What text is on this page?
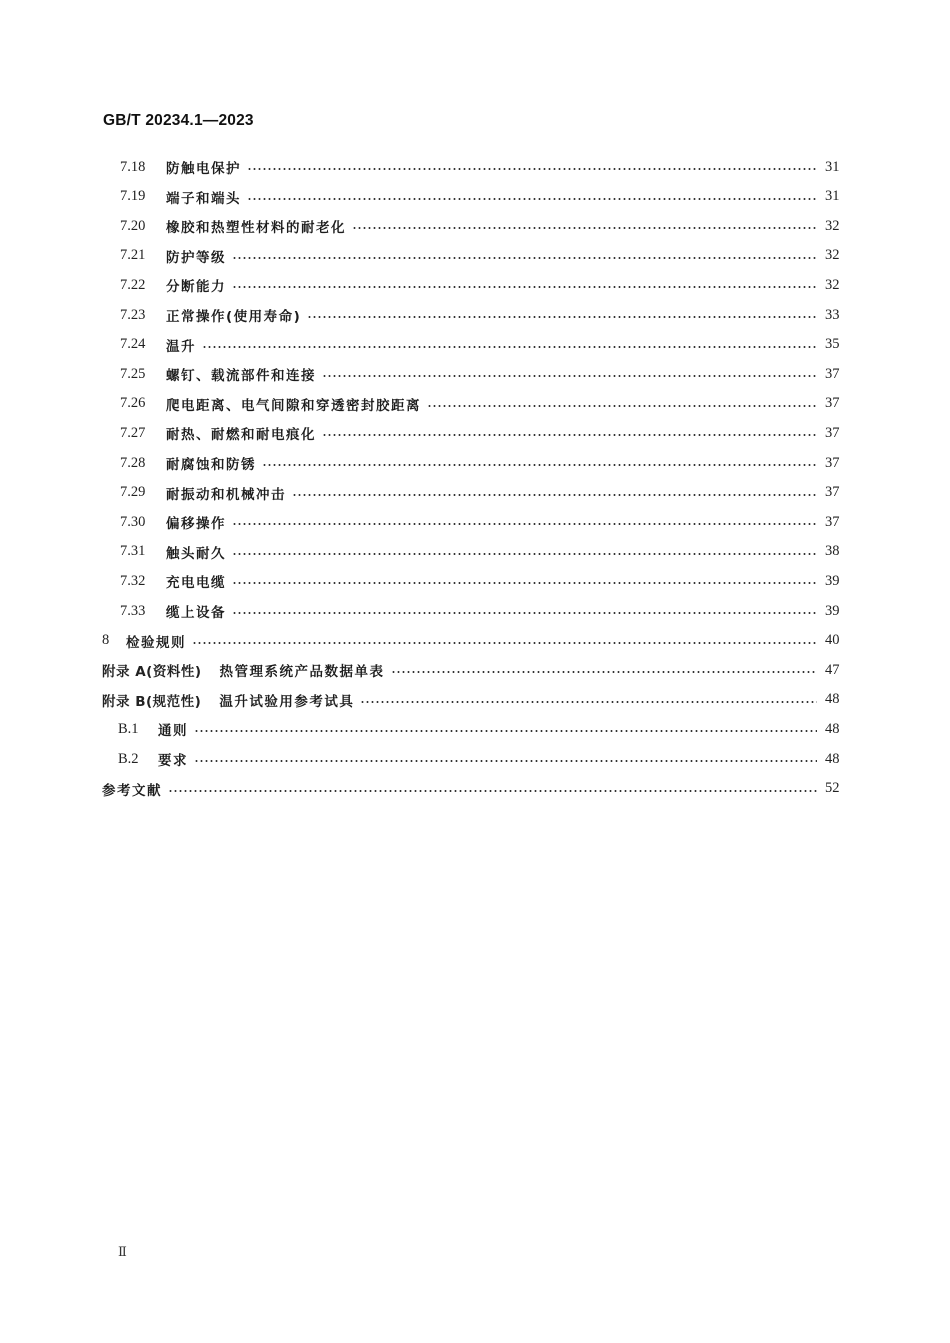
GB/T 20234.1—2023
7.18	防触电保护	31
7.19	端子和端头	31
7.20	橡胶和热塑性材料的耐老化	32
7.21	防护等级	32
7.22	分断能力	32
7.23	正常操作(使用寿命)	33
7.24	温升	35
7.25	螺钉、载流部件和连接	37
7.26	爬电距离、电气间隙和穿透密封胶距离	37
7.27	耐热、耐燃和耐电痕化	37
7.28	耐腐蚀和防锈	37
7.29	耐振动和机械冲击	37
7.30	偏移操作	37
7.31	触头耐久	38
7.32	充电电缆	39
7.33	缆上设备	39
8	检验规则	40
附录 A(资料性) 热管理系统产品数据单表	47
附录 B(规范性) 温升试验用参考试具	48
B.1	通则	48
B.2	要求	48
参考文献	52
Ⅱ
